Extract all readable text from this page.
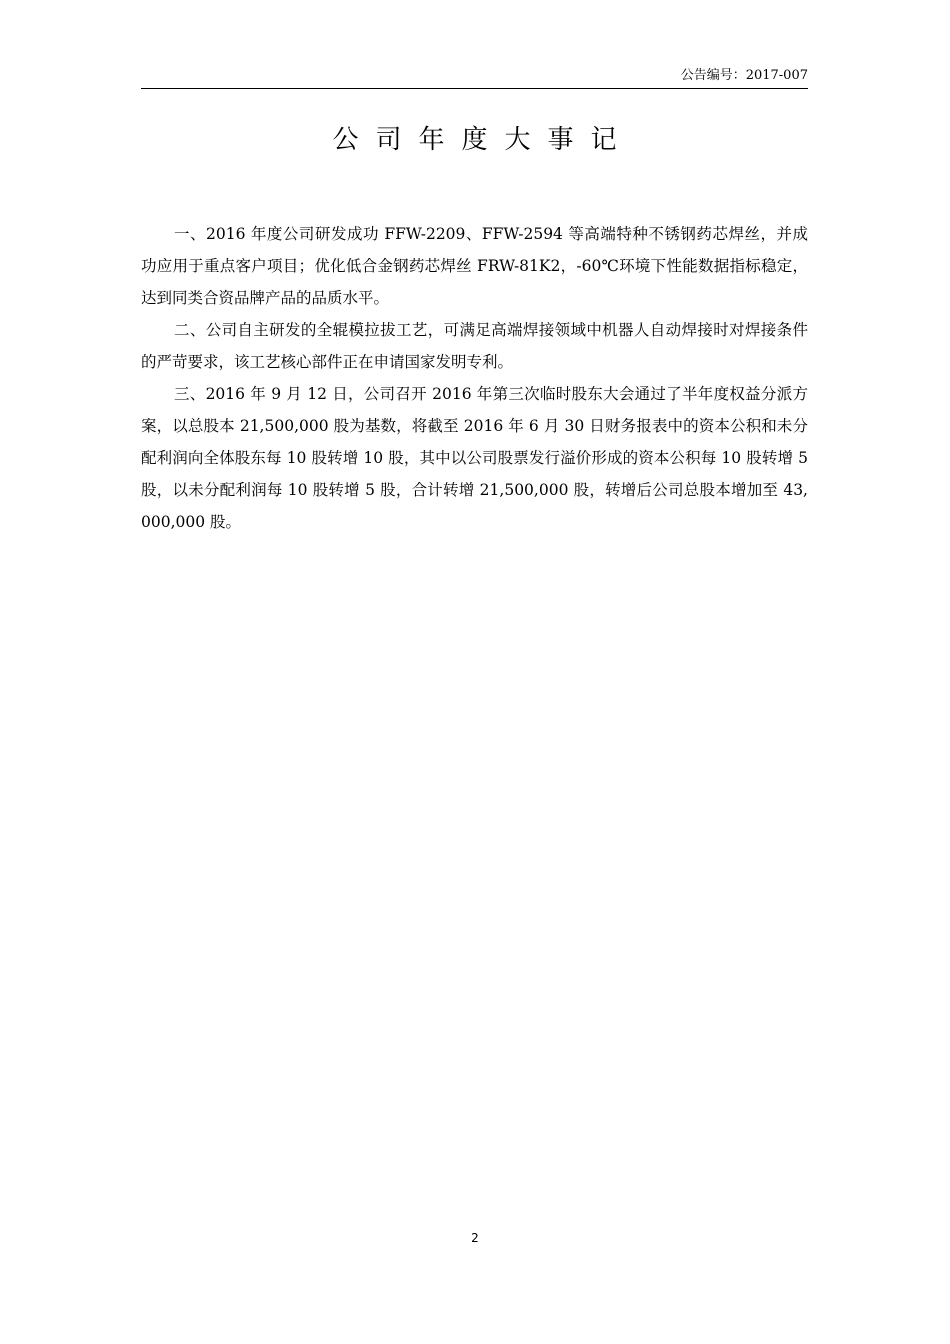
公告编号：2017-007
公司年度大事记

一、2016 年度公司研发成功 FFW-2209、FFW-2594 等高端特种不锈钢药芯焊丝，并成功应用于重点客户项目；优化低合金钢药芯焊丝 FRW-81K2，-60℃环境下性能数据指标稳定，达到同类合资品牌产品的品质水平。

二、公司自主研发的全辊模拉拔工艺，可满足高端焊接领域中机器人自动焊接时对焊接条件的严苛要求，该工艺核心部件正在申请国家发明专利。

三、2016 年 9 月 12 日，公司召开 2016 年第三次临时股东大会通过了半年度权益分派方案，以总股本 21,500,000 股为基数，将截至 2016 年 6 月 30 日财务报表中的资本公积和未分配利润向全体股东每 10 股转增 10 股，其中以公司股票发行溢价形成的资本公积每 10 股转增 5 股，以未分配利润每 10 股转增 5 股，合计转增 21,500,000 股，转增后公司总股本增加至 43,000,000 股。

2
